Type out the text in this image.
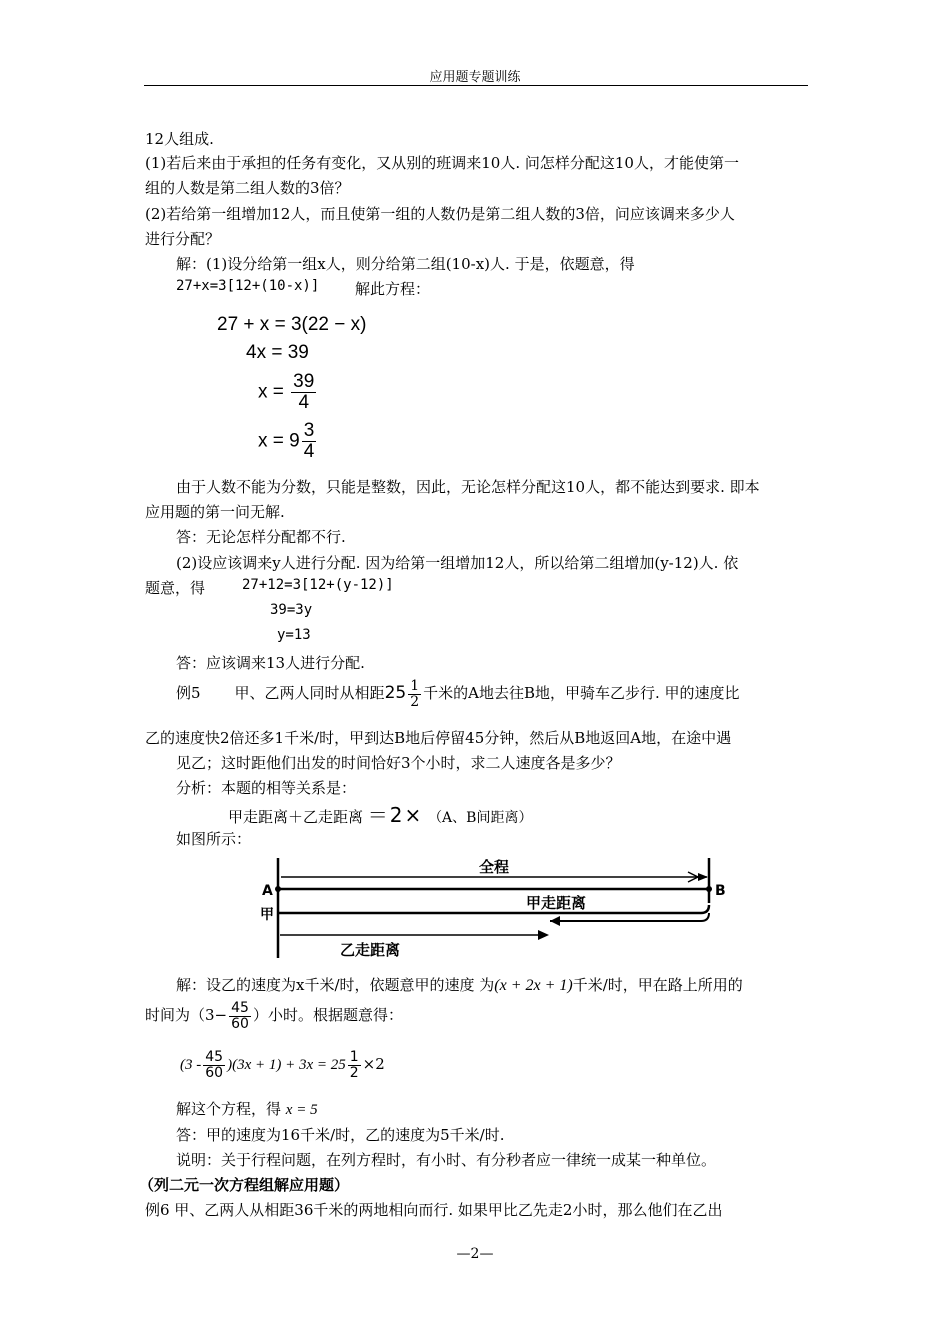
应用题专题训练
12人组成.
(1)若后来由于承担的任务有变化，又从别的班调来10人. 问怎样分配这10人，才能使第一
组的人数是第二组人数的3倍？
(2)若给第一组增加12人，而且使第一组的人数仍是第二组人数的3倍，问应该调来多少人
进行分配？
解：(1)设分给第一组x人，则分给第二组(10-x)人. 于是，依题意，得
27+x=3[12+(10-x)] 解此方程：
27 + x = 3(22 − x)
4x = 39
$x = \frac{39}{4}$
$x = 9 \frac{3}{4}$
由于人数不能为分数，只能是整数，因此，无论怎样分配这10人，都不能达到要求. 即本
应用题的第一问无解.
答：无论怎样分配都不行.
(2)设应该调来y人进行分配. 因为给第一组增加12人，所以给第二组增加(y-12)人. 依
题意，得	27+12=3[12+(y-12)]
39=3y
y=13
答：应该调来13人进行分配.
例5 甲、乙两人同时从相距$25 \frac{1}{2}$ 千米的A地去往B地，甲骑车乙步行. 甲的速度比
乙的速度快2倍还多1千米/时，甲到达B地后停留45分钟，然后从B地返回A地，在途中遇
见乙；这时距他们出发的时间恰好3个小时，求二人速度各是多少？
分析：本题的相等关系是：
甲走距离＋乙走距离 ＝2× （A、B间距离）
如图所示：
全程
A	B
甲
甲走距离
乙走距离
解：设乙的速度为x千米/时，依题意甲的速度 为(x + 2x + 1)千米/时，甲在路上所用的
时间为（$3- \frac{45}{60}$ ）小时。根据题意得：
$(3 - \frac{45}{60} )(3x + 1) + 3x = 25 \frac{1}{2} \times 2$
解这个方程，得 x = 5
答：甲的速度为16千米/时，乙的速度为5千米/时.
说明：关于行程问题，在列方程时，有小时、有分秒者应一律统一成某一种单位。
（列二元一次方程组解应用题）
例6 甲、乙两人从相距36千米的两地相向而行. 如果甲比乙先走2小时，那么他们在乙出
—2—
